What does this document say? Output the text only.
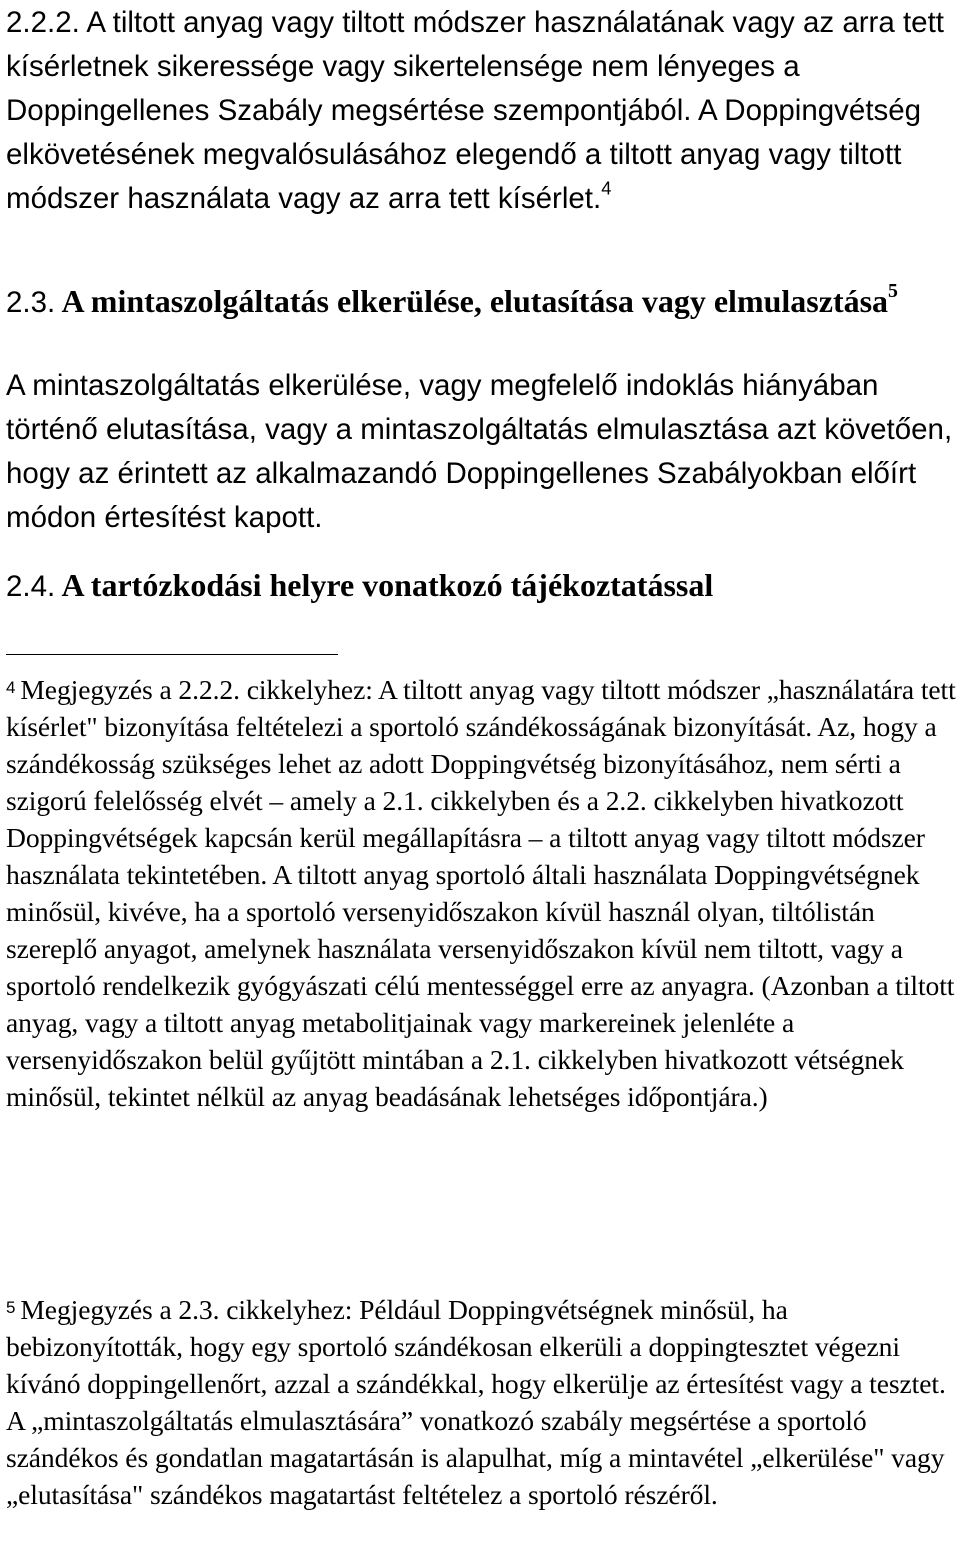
2.2.2. A tiltott anyag vagy tiltott módszer használatának vagy az arra tett kísérletnek sikeressége vagy sikertelensége nem lényeges a Doppingellenes Szabály megsértése szempontjából. A Doppingvétség elkövetésének megvalósulásához elegendő a tiltott anyag vagy tiltott módszer használata vagy az arra tett kísérlet.$^4$

2.3. A mintaszolgáltatás elkerülése, elutasítása vagy elmulasztása$^5$

A mintaszolgáltatás elkerülése, vagy megfelelő indoklás hiányában történő elutasítása, vagy a mintaszolgáltatás elmulasztása azt követően, hogy az érintett az alkalmazandó Doppingellenes Szabályokban előírt módon értesítést kapott.

2.4. A tartózkodási helyre vonatkozó tájékoztatással

$^4$ Megjegyzés a 2.2.2. cikkelyhez: A tiltott anyag vagy tiltott módszer „használatára tett kísérlet" bizonyítása feltételezi a sportoló szándékosságának bizonyítását. Az, hogy a szándékosság szükséges lehet az adott Doppingvétség bizonyításához, nem sérti a szigorú felelősség elvét – amely a 2.1. cikkelyben és a 2.2. cikkelyben hivatkozott Doppingvétségek kapcsán kerül megállapításra – a tiltott anyag vagy tiltott módszer használata tekintetében. A tiltott anyag sportoló általi használata Doppingvétségnek minősül, kivéve, ha a sportoló versenyidőszakon kívül használ olyan, tiltólistán szereplő anyagot, amelynek használata versenyidőszakon kívül nem tiltott, vagy a sportoló rendelkezik gyógyászati célú mentességgel erre az anyagra. (Azonban a tiltott anyag, vagy a tiltott anyag metabolitjainak vagy markereinek jelenléte a versenyidőszakon belül gyűjtött mintában a 2.1. cikkelyben hivatkozott vétségnek minősül, tekintet nélkül az anyag beadásának lehetséges időpontjára.)

$^5$ Megjegyzés a 2.3. cikkelyhez: Például Doppingvétségnek minősül, ha bebizonyították, hogy egy sportoló szándékosan elkerüli a doppingtesztet végezni kívánó doppingellenőrt, azzal a szándékkal, hogy elkerülje az értesítést vagy a tesztet. A „mintaszolgáltatás elmulasztására” vonatkozó szabály megsértése a sportoló szándékos és gondatlan magatartásán is alapulhat, míg a mintavétel „elkerülése" vagy „elutasítása" szándékos magatartást feltételez a sportoló részéről.
